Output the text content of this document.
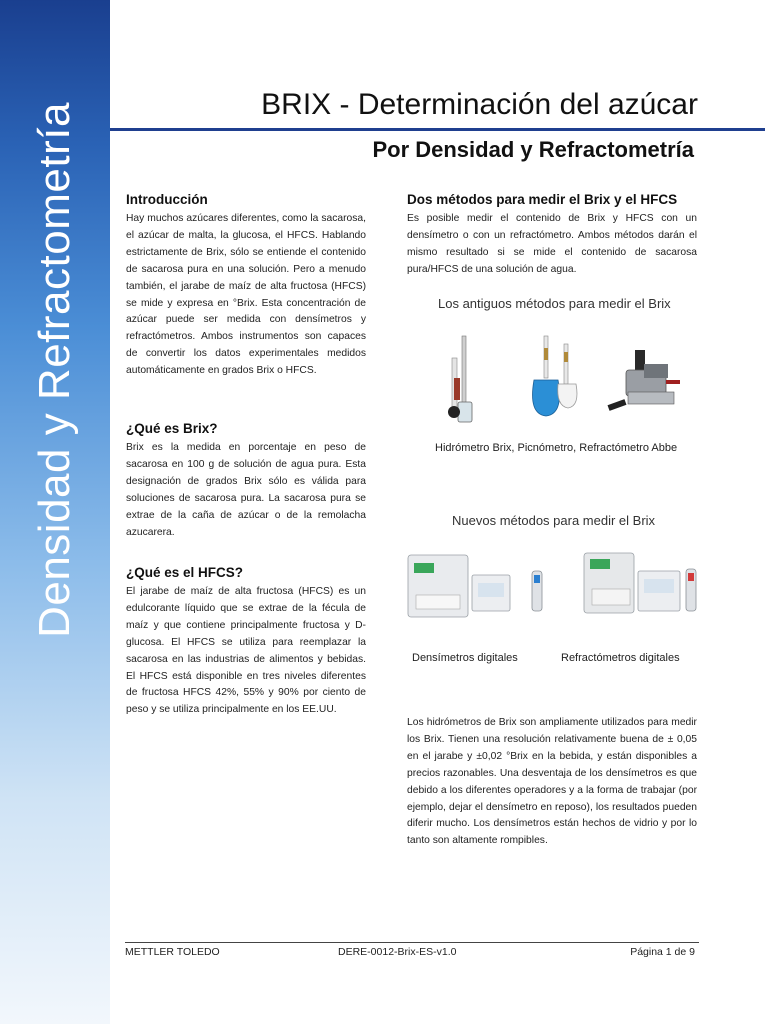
Densidad y Refractometría	BRIX - Determinación del azúcar
Por Densidad y Refractometría
Introducción
Hay muchos azúcares diferentes, como la sacarosa, el azúcar de malta, la glucosa, el HFCS. Hablando estrictamente de Brix, sólo se entiende el contenido de sacarosa pura en una solución. Pero a menudo también, el jarabe de maíz de alta fructosa (HFCS) se mide y expresa en °Brix. Esta concentración de azúcar puede ser medida con densímetros y refractómetros. Ambos instrumentos son capaces de convertir los datos experimentales medidos automáticamente en grados Brix o HFCS.
¿Qué es Brix?
Brix es la medida en porcentaje en peso de sacarosa en 100 g de solución de agua pura. Esta designación de grados Brix sólo es válida para soluciones de sacarosa pura. La sacarosa pura se extrae de la caña de azúcar o de la remolacha azucarera.
¿Qué es el HFCS?
El jarabe de maíz de alta fructosa (HFCS) es un edulcorante líquido que se extrae de la fécula de maíz y que contiene principalmente fructosa y D-glucosa. El HFCS se utiliza para reemplazar la sacarosa en las industrias de alimentos y bebidas. El HFCS está disponible en tres niveles diferentes de fructosa HFCS 42%, 55% y 90% por ciento de peso y se utiliza principalmente en los EE.UU.
Dos métodos para medir el Brix y el HFCS
Es posible medir el contenido de Brix y HFCS con un densímetro o con un refractómetro. Ambos métodos darán el mismo resultado si se mide el contenido de sacarosa pura/HFCS de una solución de agua.
Los antiguos métodos para medir el Brix
Hidrómetro Brix, Picnómetro, Refractómetro Abbe
Nuevos métodos para medir el Brix
Densímetros digitales	Refractómetros digitales
Los hidrómetros de Brix son ampliamente utilizados para medir los Brix. Tienen una resolución relativamente buena de ± 0,05 en el jarabe y ±0,02 °Brix en la bebida, y están disponibles a precios razonables. Una desventaja de los densímetros es que debido a los diferentes operadores y a la forma de trabajar (por ejemplo, dejar el densímetro en reposo), los resultados pueden diferir mucho. Los densímetros están hechos de vidrio y por lo tanto son altamente rompibles.
METTLER TOLEDO	DERE-0012-Brix-ES-v1.0	Página 1 de 9
